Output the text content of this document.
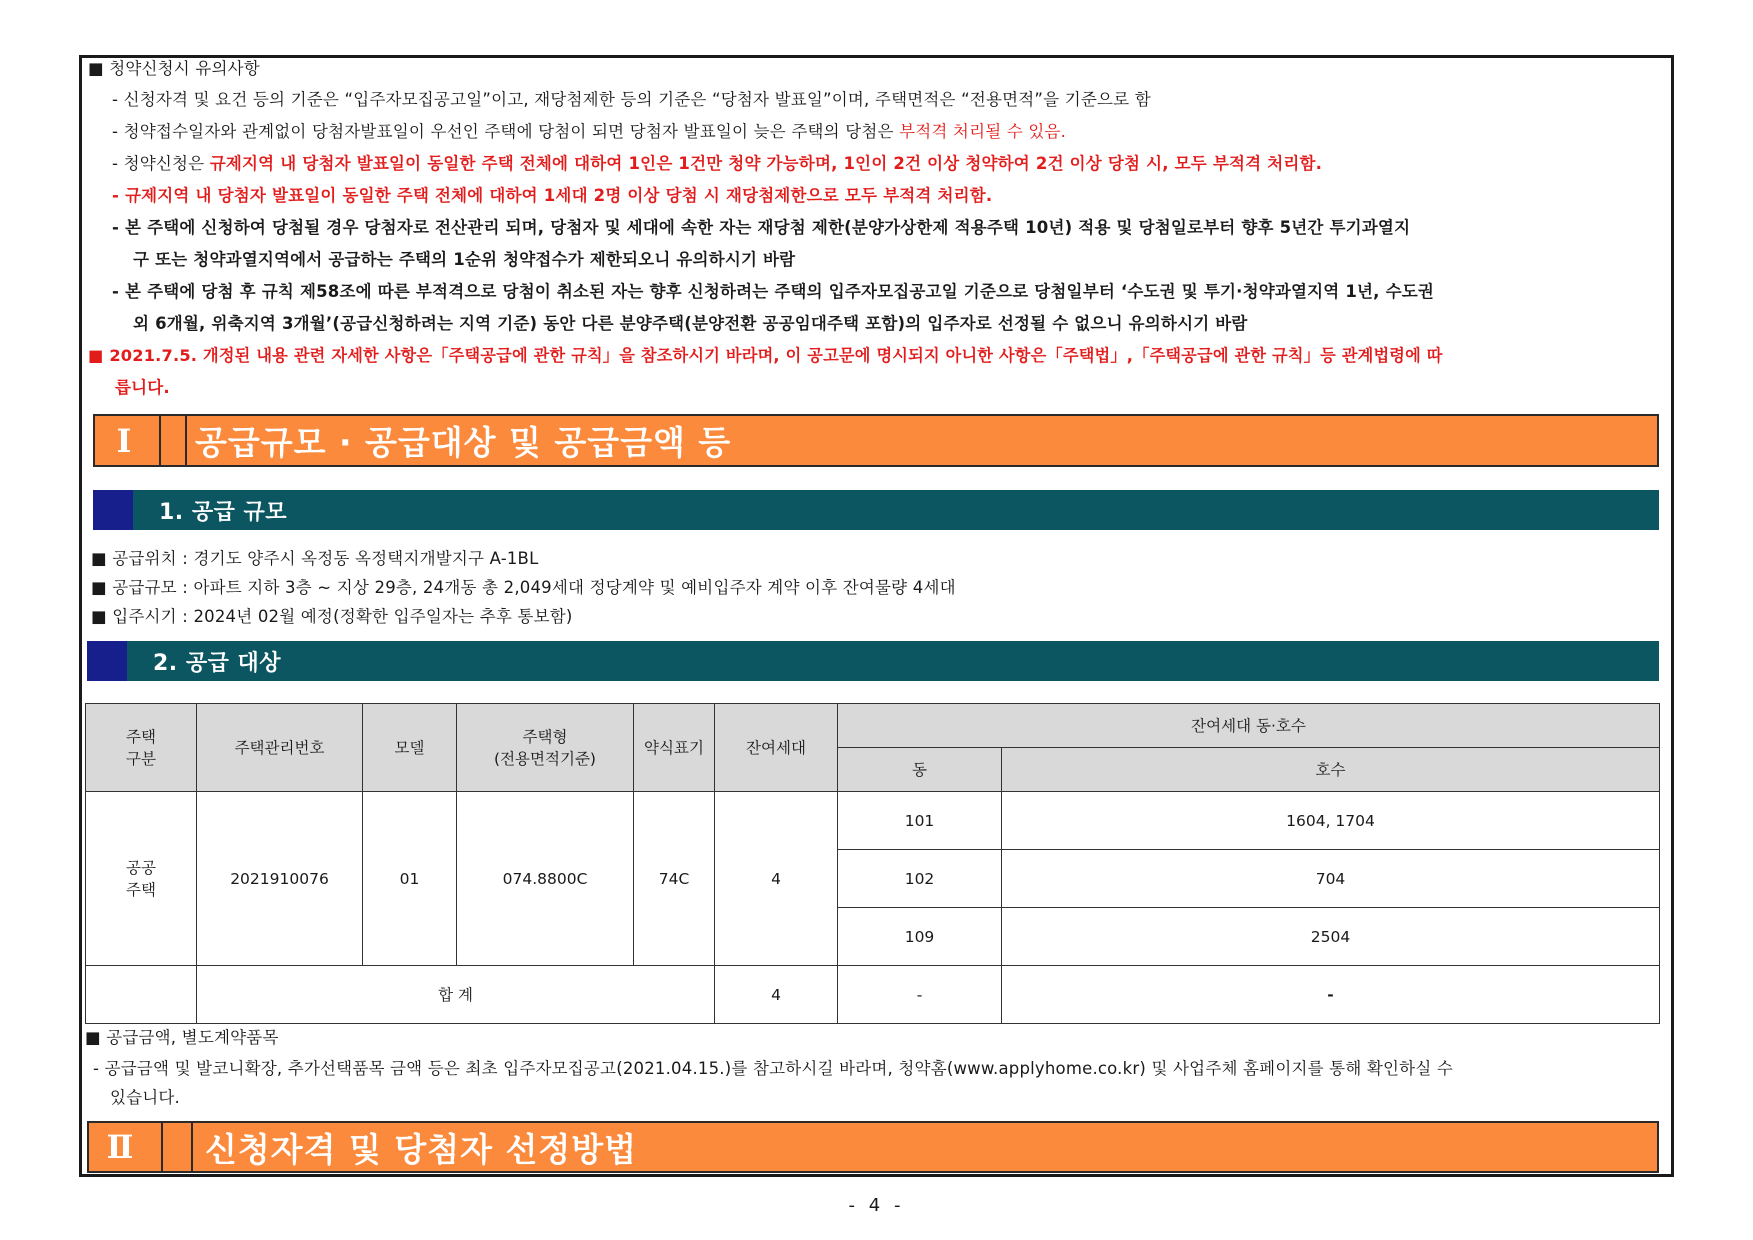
■ 청약신청시 유의사항
- 신청자격 및 요건 등의 기준은 “입주자모집공고일”이고, 재당첨제한 등의 기준은 “당첨자 발표일”이며, 주택면적은 “전용면적”을 기준으로 함
- 청약접수일자와 관계없이 당첨자발표일이 우선인 주택에 당첨이 되면 당첨자 발표일이 늦은 주택의 당첨은 부적격 처리될 수 있음.
- 청약신청은 규제지역 내 당첨자 발표일이 동일한 주택 전체에 대하여 1인은 1건만 청약 가능하며, 1인이 2건 이상 청약하여 2건 이상 당첨 시, 모두 부적격 처리함.
- 규제지역 내 당첨자 발표일이 동일한 주택 전체에 대하여 1세대 2명 이상 당첨 시 재당첨제한으로 모두 부적격 처리함.
- 본 주택에 신청하여 당첨될 경우 당첨자로 전산관리 되며, 당첨자 및 세대에 속한 자는 재당첨 제한(분양가상한제 적용주택 10년) 적용 및 당첨일로부터 향후 5년간 투기과열지
구 또는 청약과열지역에서 공급하는 주택의 1순위 청약접수가 제한되오니 유의하시기 바람
- 본 주택에 당첨 후 규칙 제58조에 따른 부적격으로 당첨이 취소된 자는 향후 신청하려는 주택의 입주자모집공고일 기준으로 당첨일부터 ‘수도권 및 투기·청약과열지역 1년, 수도권
외 6개월, 위축지역 3개월’(공급신청하려는 지역 기준) 동안 다른 분양주택(분양전환 공공임대주택 포함)의 입주자로 선정될 수 없으니 유의하시기 바람
■ 2021.7.5. 개정된 내용 관련 자세한 사항은「주택공급에 관한 규칙」을 참조하시기 바라며, 이 공고문에 명시되지 아니한 사항은「주택법」,「주택공급에 관한 규칙」등 관계법령에 따
릅니다.
Ⅰ	공급규모 · 공급대상 및 공급금액 등
1. 공급 규모
■ 공급위치 : 경기도 양주시 옥정동 옥정택지개발지구 A-1BL
■ 공급규모 : 아파트 지하 3층 ~ 지상 29층, 24개동 총 2,049세대 정당계약 및 예비입주자 계약 이후 잔여물량 4세대
■ 입주시기 : 2024년 02월 예정(정확한 입주일자는 추후 통보함)
2. 공급 대상
주택
구분	주택관리번호	모델	주택형
(전용면적기준)	약식표기	잔여세대	잔여세대 동·호수	
						동	호수
공공
주택	2021910076	01	074.8800C	74C	4	101	1604, 1704
						102	704
						109	2504
	합 계				4	-	-
■ 공급금액, 별도계약품목
- 공급금액 및 발코니확장, 추가선택품목 금액 등은 최초 입주자모집공고(2021.04.15.)를 참고하시길 바라며, 청약홈(www.applyhome.co.kr) 및 사업주체 홈페이지를 통해 확인하실 수
있습니다.
Ⅱ	신청자격 및 당첨자 선정방법
- 4 -
